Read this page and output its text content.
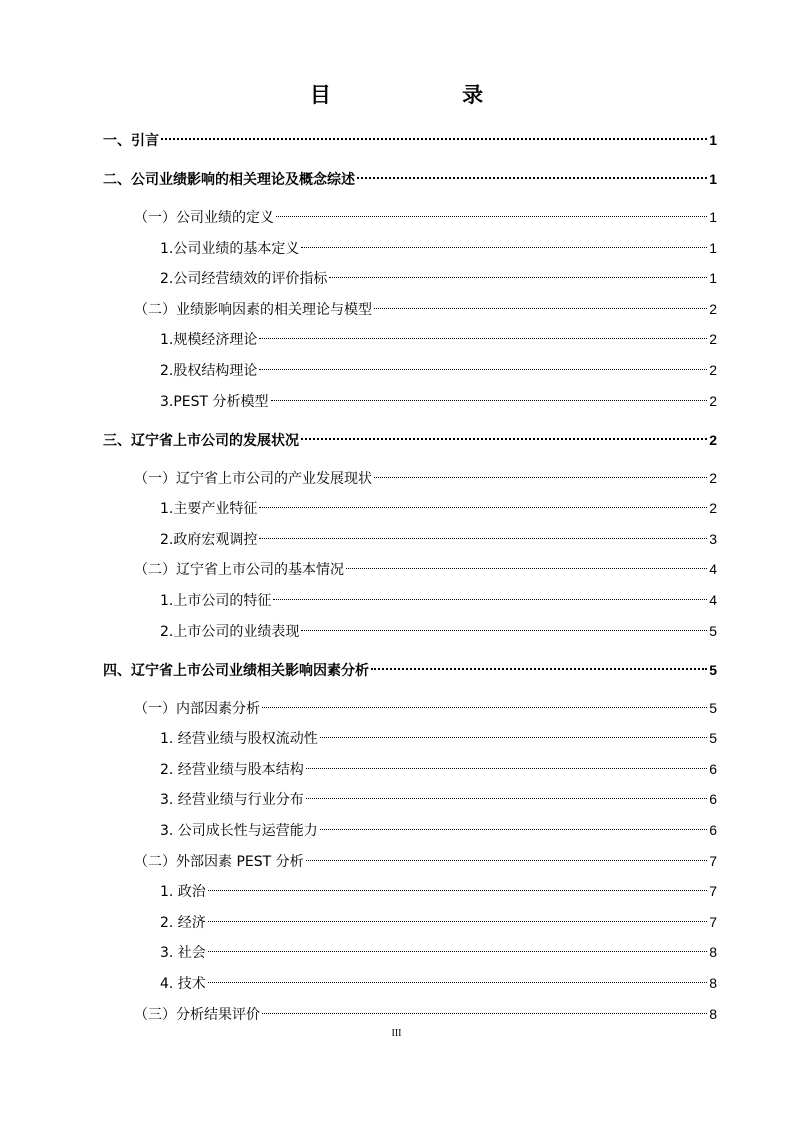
目 录
一、引言	1
二、公司业绩影响的相关理论及概念综述	1
（一）公司业绩的定义	1
1.公司业绩的基本定义	1
2.公司经营绩效的评价指标	1
（二）业绩影响因素的相关理论与模型	2
1.规模经济理论	2
2.股权结构理论	2
3.PEST 分析模型	2
三、辽宁省上市公司的发展状况	2
（一）辽宁省上市公司的产业发展现状	2
1.主要产业特征	2
2.政府宏观调控	3
（二）辽宁省上市公司的基本情况	4
1.上市公司的特征	4
2.上市公司的业绩表现	5
四、辽宁省上市公司业绩相关影响因素分析	5
（一）内部因素分析	5
1. 经营业绩与股权流动性	5
2. 经营业绩与股本结构	6
3. 经营业绩与行业分布	6
3. 公司成长性与运营能力	6
（二）外部因素 PEST 分析	7
1. 政治	7
2. 经济	7
3. 社会	8
4. 技术	8
（三）分析结果评价	8
III
